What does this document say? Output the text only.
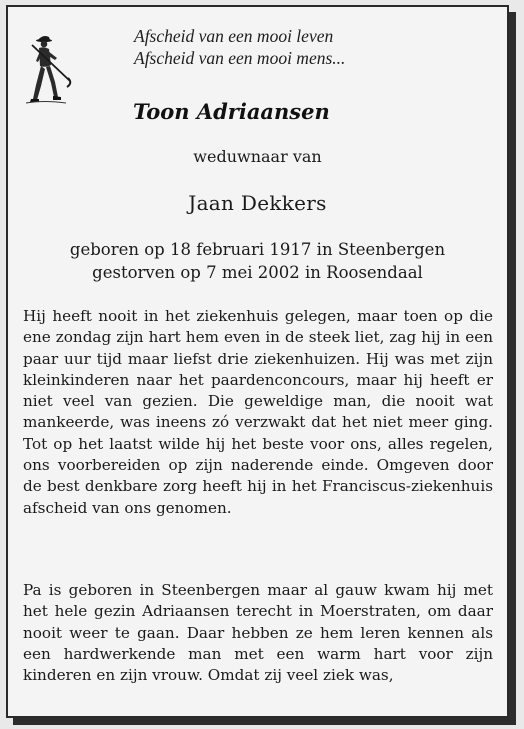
Afscheid van een mooi leven
Afscheid van een mooi mens...
Toon Adriaansen
weduwnaar van
Jaan Dekkers
geboren op 18 februari 1917 in Steenbergen
gestorven op 7 mei 2002 in Roosendaal
Hij heeft nooit in het ziekenhuis gelegen, maar toen op die ene zondag zijn hart hem even in de steek liet, zag hij in een paar uur tijd maar liefst drie ziekenhuizen. Hij was met zijn kleinkinderen naar het paardenconcours, maar hij heeft er niet veel van gezien. Die geweldige man, die nooit wat mankeerde, was ineens zó verzwakt dat het niet meer ging. Tot op het laatst wilde hij het beste voor ons, alles regelen, ons voorbereiden op zijn naderende einde. Omgeven door de best denkbare zorg heeft hij in het Franciscus-ziekenhuis afscheid van ons genomen.
Pa is geboren in Steenbergen maar al gauw kwam hij met het hele gezin Adriaansen terecht in Moerstraten, om daar nooit weer te gaan. Daar hebben ze hem leren kennen als een hardwerkende man met een warm hart voor zijn kinderen en zijn vrouw. Omdat zij veel ziek was,
